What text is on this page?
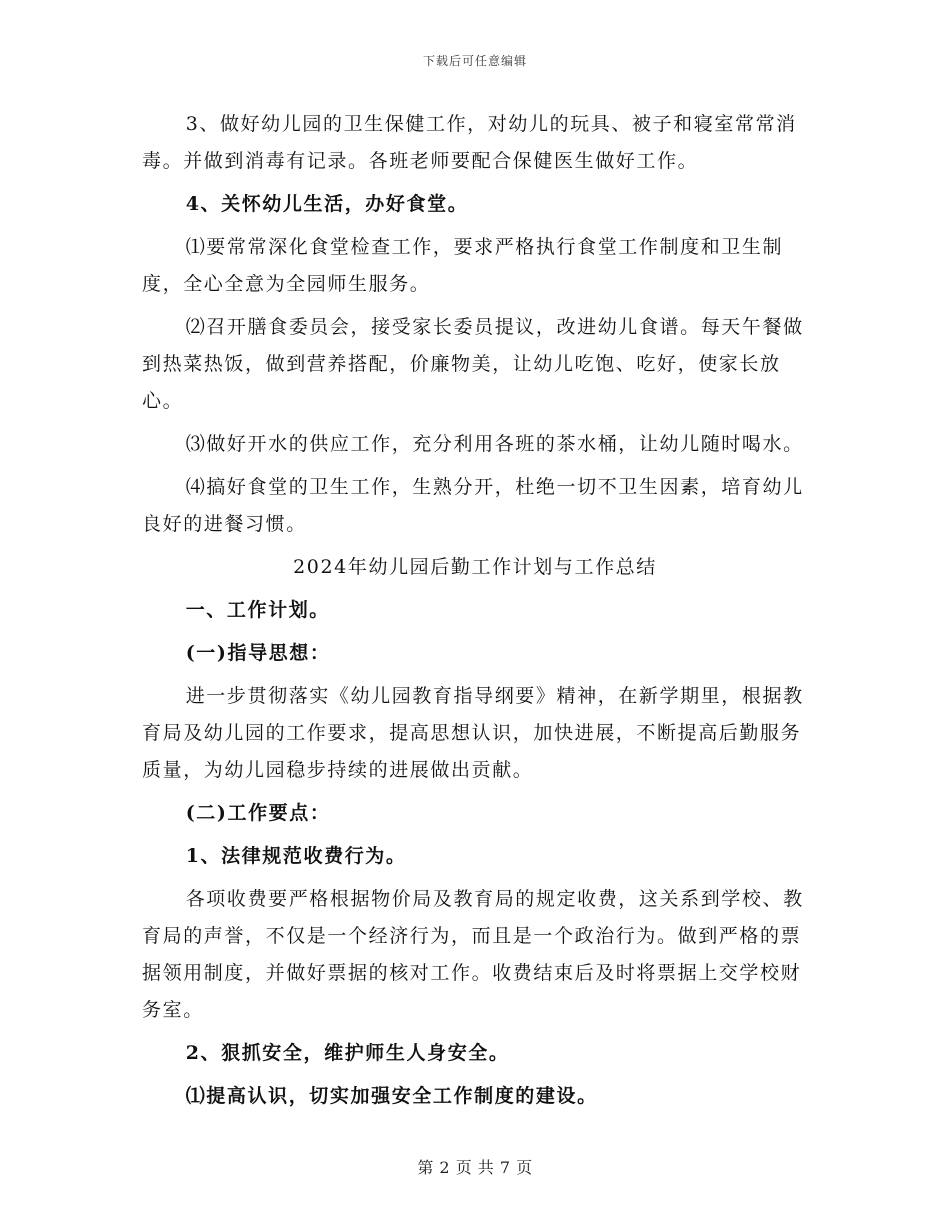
下载后可任意编辑

3、做好幼儿园的卫生保健工作，对幼儿的玩具、被子和寝室常常消毒。并做到消毒有记录。各班老师要配合保健医生做好工作。

4、关怀幼儿生活，办好食堂。

⑴要常常深化食堂检查工作，要求严格执行食堂工作制度和卫生制度，全心全意为全园师生服务。

⑵召开膳食委员会，接受家长委员提议，改进幼儿食谱。每天午餐做到热菜热饭，做到营养搭配，价廉物美，让幼儿吃饱、吃好，使家长放心。

⑶做好开水的供应工作，充分利用各班的茶水桶，让幼儿随时喝水。

⑷搞好食堂的卫生工作，生熟分开，杜绝一切不卫生因素，培育幼儿良好的进餐习惯。

2024年幼儿园后勤工作计划与工作总结

一、工作计划。

(一)指导思想：

进一步贯彻落实《幼儿园教育指导纲要》精神，在新学期里，根据教育局及幼儿园的工作要求，提高思想认识，加快进展，不断提高后勤服务质量，为幼儿园稳步持续的进展做出贡献。

(二)工作要点：

1、法律规范收费行为。

各项收费要严格根据物价局及教育局的规定收费，这关系到学校、教育局的声誉，不仅是一个经济行为，而且是一个政治行为。做到严格的票据领用制度，并做好票据的核对工作。收费结束后及时将票据上交学校财务室。

2、狠抓安全，维护师生人身安全。

⑴提高认识，切实加强安全工作制度的建设。

第 2 页 共 7 页
